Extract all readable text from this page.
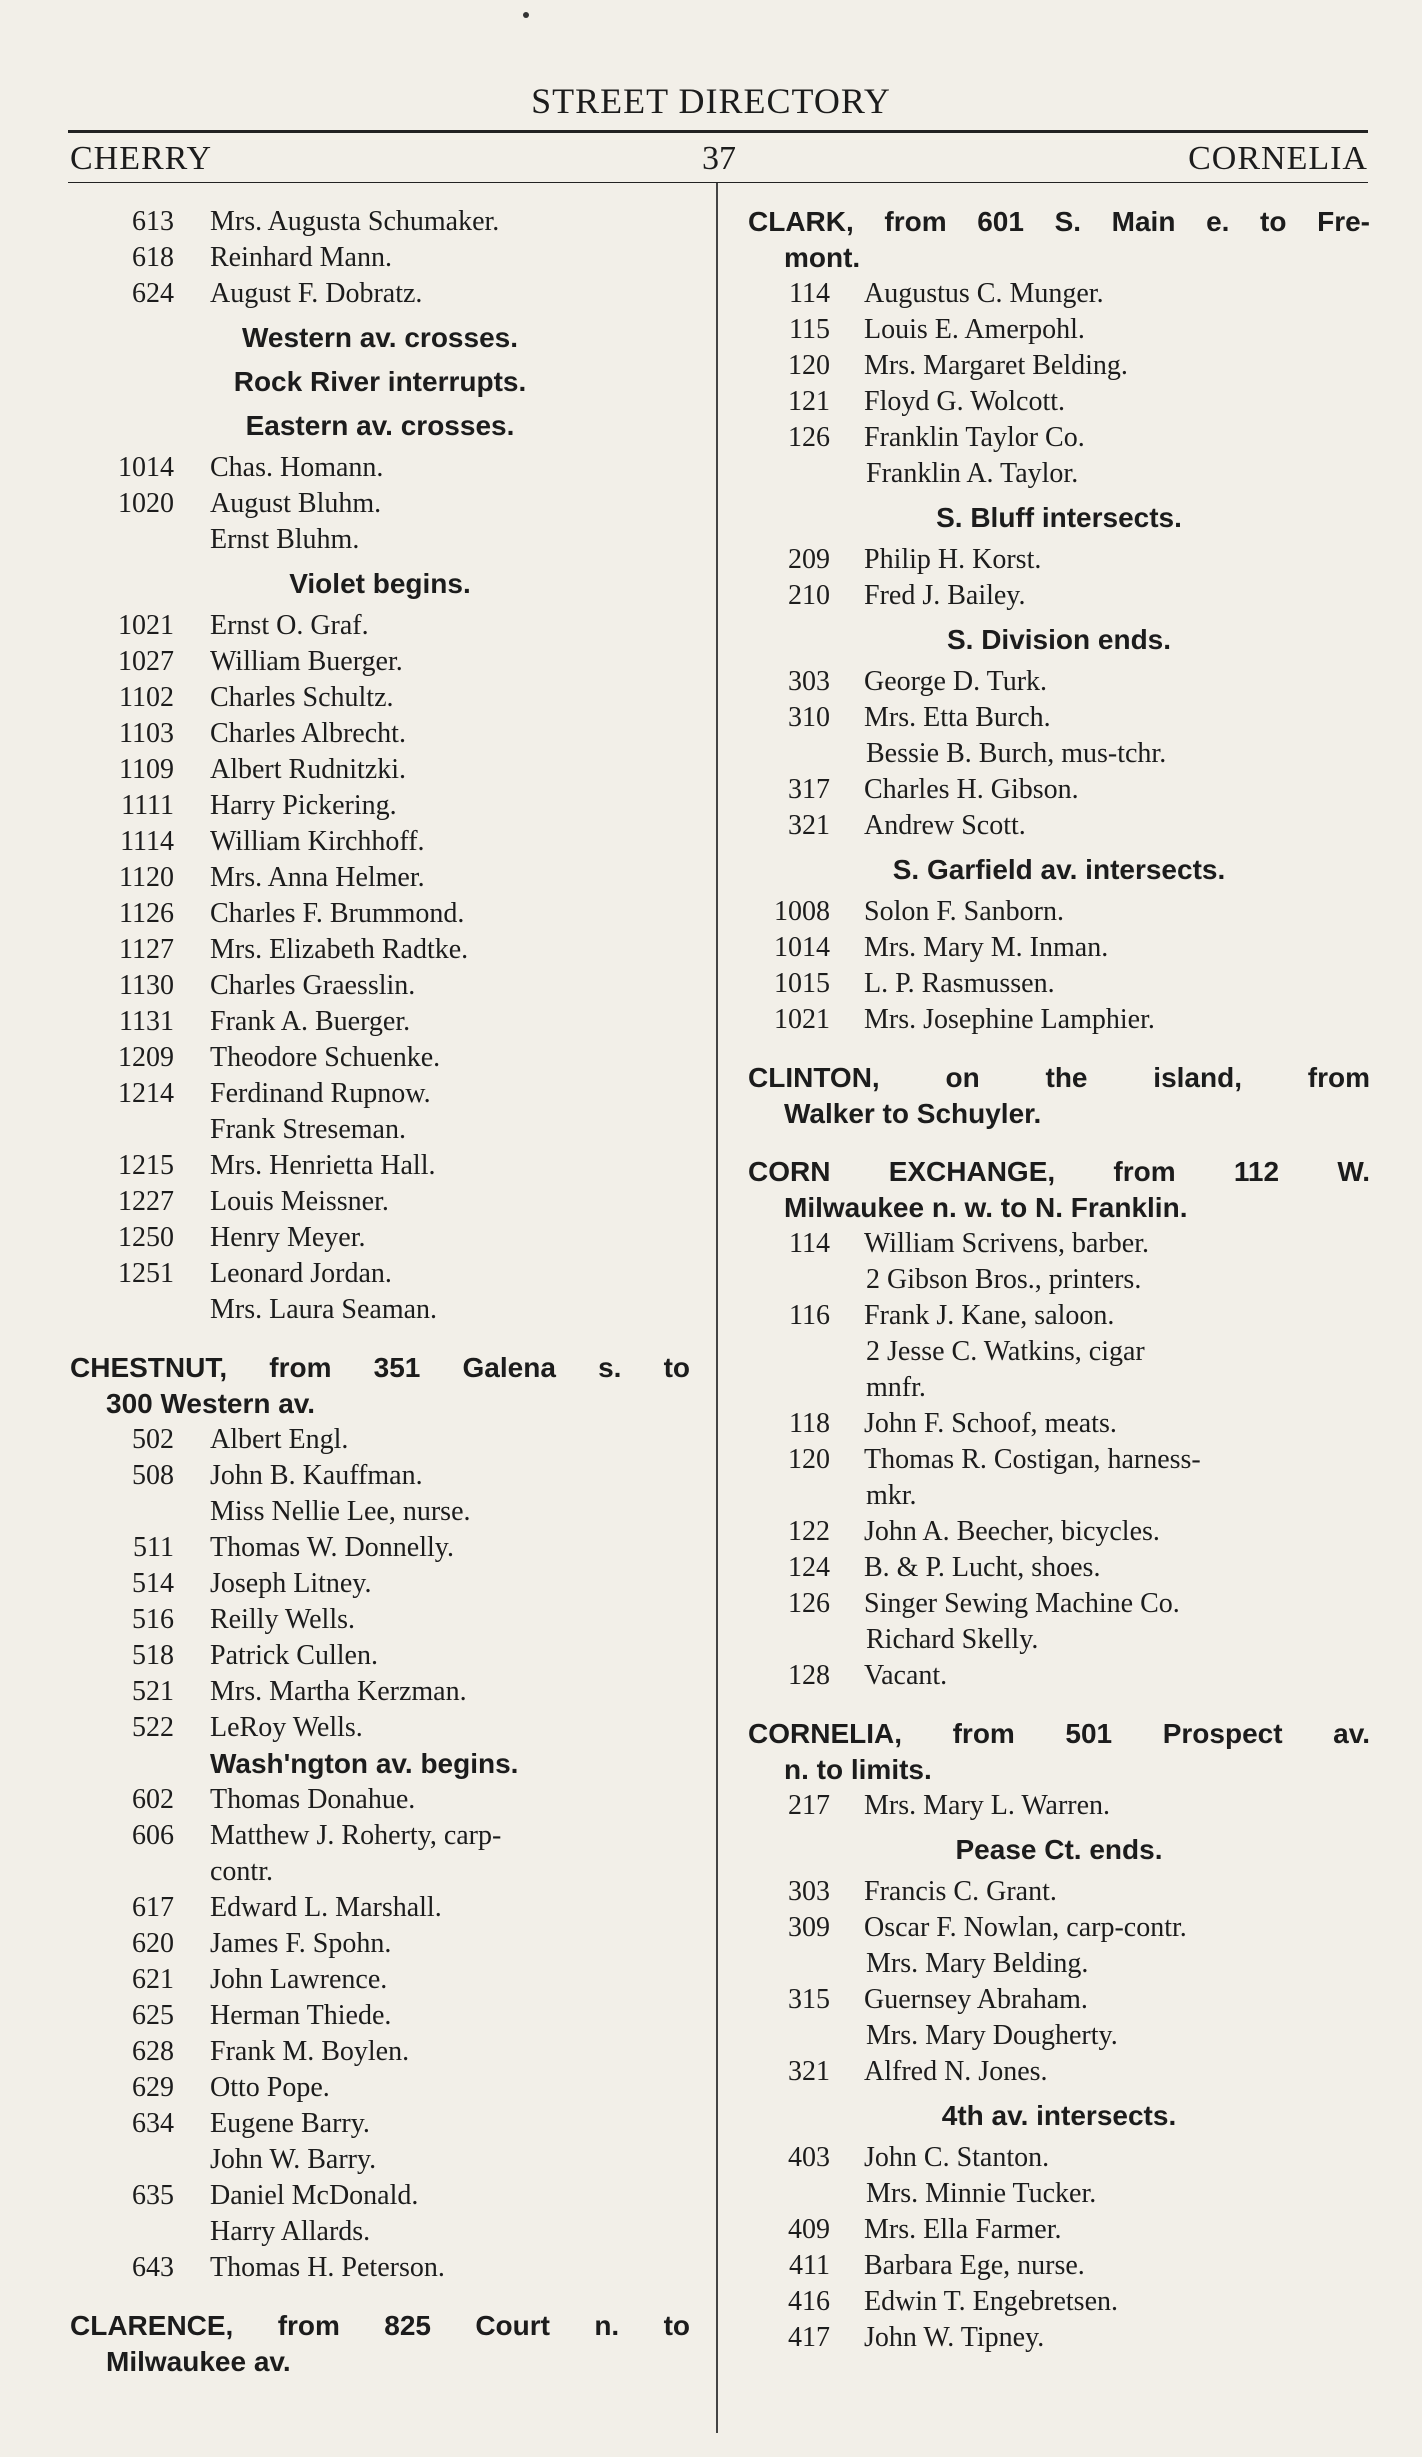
STREET DIRECTORY
37
CHERRY	CORNELIA
613	Mrs. Augusta Schumaker.
618	Reinhard Mann.
624	August F. Dobratz.
Western av. crosses.
Rock River interrupts.
Eastern av. crosses.
1014	Chas. Homann.
1020	August Bluhm.
Ernst Bluhm.
Violet begins.
1021	Ernst O. Graf.
1027	William Buerger.
1102	Charles Schultz.
1103	Charles Albrecht.
1109	Albert Rudnitzki.
1111	Harry Pickering.
1114	William Kirchhoff.
1120	Mrs. Anna Helmer.
1126	Charles F. Brummond.
1127	Mrs. Elizabeth Radtke.
1130	Charles Graesslin.
1131	Frank A. Buerger.
1209	Theodore Schuenke.
1214	Ferdinand Rupnow.
Frank Streseman.
1215	Mrs. Henrietta Hall.
1227	Louis Meissner.
1250	Henry Meyer.
1251	Leonard Jordan.
Mrs. Laura Seaman.
CHESTNUT, from 351 Galena s. to
300 Western av.
502	Albert Engl.
508	John B. Kauffman.
Miss Nellie Lee, nurse.
511	Thomas W. Donnelly.
514	Joseph Litney.
516	Reilly Wells.
518	Patrick Cullen.
521	Mrs. Martha Kerzman.
522	LeRoy Wells.
Wash'ngton av. begins.
602	Thomas Donahue.
606	Matthew J. Roherty, carp-
contr.
617	Edward L. Marshall.
620	James F. Spohn.
621	John Lawrence.
625	Herman Thiede.
628	Frank M. Boylen.
629	Otto Pope.
634	Eugene Barry.
John W. Barry.
635	Daniel McDonald.
Harry Allards.
643	Thomas H. Peterson.
CLARENCE, from 825 Court n. to
Milwaukee av.
CLARK, from 601 S. Main e. to Fre-
mont.
114	Augustus C. Munger.
115	Louis E. Amerpohl.
120	Mrs. Margaret Belding.
121	Floyd G. Wolcott.
126	Franklin Taylor Co.
Franklin A. Taylor.
S. Bluff intersects.
209	Philip H. Korst.
210	Fred J. Bailey.
S. Division ends.
303	George D. Turk.
310	Mrs. Etta Burch.
Bessie B. Burch, mus-tchr.
317	Charles H. Gibson.
321	Andrew Scott.
S. Garfield av. intersects.
1008	Solon F. Sanborn.
1014	Mrs. Mary M. Inman.
1015	L. P. Rasmussen.
1021	Mrs. Josephine Lamphier.
CLINTON, on the island, from
Walker to Schuyler.
CORN EXCHANGE, from 112 W.
Milwaukee n. w. to N. Franklin.
114	William Scrivens, barber.
2 Gibson Bros., printers.
116	Frank J. Kane, saloon.
2 Jesse C. Watkins, cigar
mnfr.
118	John F. Schoof, meats.
120	Thomas R. Costigan, harness-
mkr.
122	John A. Beecher, bicycles.
124	B. & P. Lucht, shoes.
126	Singer Sewing Machine Co.
Richard Skelly.
128	Vacant.
CORNELIA, from 501 Prospect av.
n. to limits.
217	Mrs. Mary L. Warren.
Pease Ct. ends.
303	Francis C. Grant.
309	Oscar F. Nowlan, carp-contr.
Mrs. Mary Belding.
315	Guernsey Abraham.
Mrs. Mary Dougherty.
321	Alfred N. Jones.
4th av. intersects.
403	John C. Stanton.
Mrs. Minnie Tucker.
409	Mrs. Ella Farmer.
411	Barbara Ege, nurse.
416	Edwin T. Engebretsen.
417	John W. Tipney.
